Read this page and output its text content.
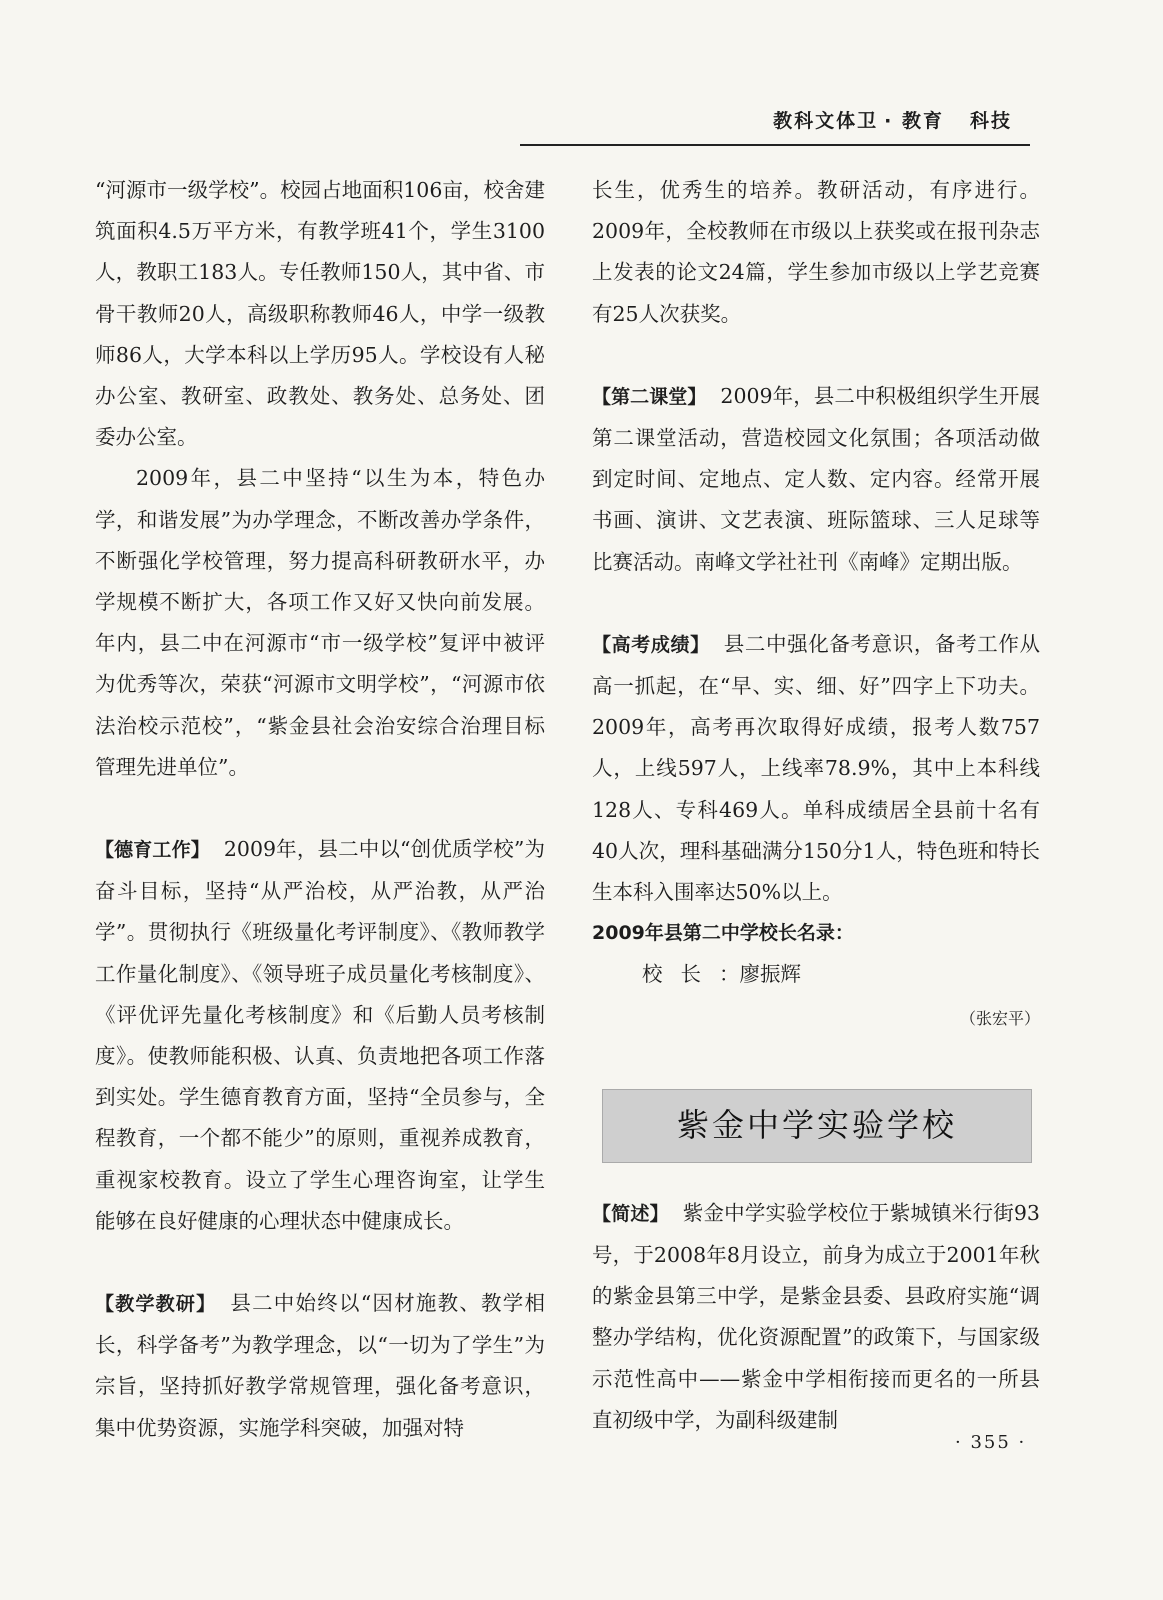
教科文体卫 · 教育 科技

“河源市一级学校”。校园占地面积106亩，校舍建筑面积4.5万平方米，有教学班41个，学生3100人，教职工183人。专任教师150人，其中省、市骨干教师20人，高级职称教师46人，中学一级教师86人，大学本科以上学历95人。学校设有人秘办公室、教研室、政教处、教务处、总务处、团委办公室。

2009年，县二中坚持“以生为本，特色办学，和谐发展”为办学理念，不断改善办学条件，不断强化学校管理，努力提高科研教研水平，办学规模不断扩大，各项工作又好又快向前发展。年内，县二中在河源市“市一级学校”复评中被评为优秀等次，荣获“河源市文明学校”，“河源市依法治校示范校”，“紫金县社会治安综合治理目标管理先进单位”。

【德育工作】 2009年，县二中以“创优质学校”为奋斗目标，坚持“从严治校，从严治教，从严治学”。贯彻执行《班级量化考评制度》、《教师教学工作量化制度》、《领导班子成员量化考核制度》、《评优评先量化考核制度》和《后勤人员考核制度》。使教师能积极、认真、负责地把各项工作落到实处。学生德育教育方面，坚持“全员参与，全程教育，一个都不能少”的原则，重视养成教育，重视家校教育。设立了学生心理咨询室，让学生能够在良好健康的心理状态中健康成长。

【教学教研】 县二中始终以“因材施教、教学相长，科学备考”为教学理念，以“一切为了学生”为宗旨，坚持抓好教学常规管理，强化备考意识，集中优势资源，实施学科突破，加强对特

长生，优秀生的培养。教研活动，有序进行。2009年，全校教师在市级以上获奖或在报刊杂志上发表的论文24篇，学生参加市级以上学艺竞赛有25人次获奖。

【第二课堂】 2009年，县二中积极组织学生开展第二课堂活动，营造校园文化氛围；各项活动做到定时间、定地点、定人数、定内容。经常开展书画、演讲、文艺表演、班际篮球、三人足球等比赛活动。南峰文学社社刊《南峰》定期出版。

【高考成绩】 县二中强化备考意识，备考工作从高一抓起，在“早、实、细、好”四字上下功夫。2009年，高考再次取得好成绩，报考人数757人，上线597人，上线率78.9%，其中上本科线128人、专科469人。单科成绩居全县前十名有40人次，理科基础满分150分1人，特色班和特长生本科入围率达50%以上。

2009年县第二中学校长名录：

校长：廖振辉

（张宏平）
紫金中学实验学校

【简述】 紫金中学实验学校位于紫城镇米行街93号，于2008年8月设立，前身为成立于2001年秋的紫金县第三中学，是紫金县委、县政府实施“调整办学结构，优化资源配置”的政策下，与国家级示范性高中——紫金中学相衔接而更名的一所县直初级中学，为副科级建制

· 355 ·
